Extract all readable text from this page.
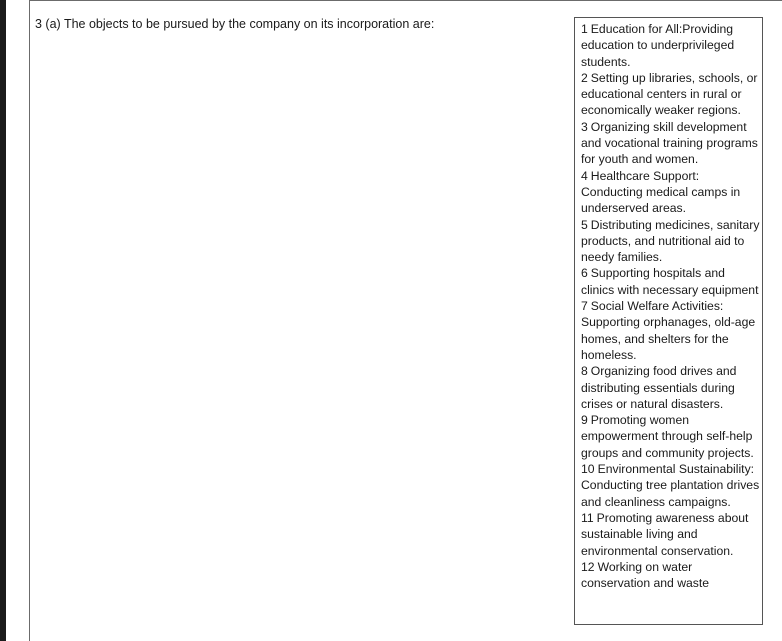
3 (a) The objects to be pursued by the company on its incorporation are:	1 Education for All:Providing education to underprivileged students.
2 Setting up libraries, schools, or educational centers in rural or economically weaker regions.
3 Organizing skill development and vocational training programs for youth and women.
4 Healthcare Support: Conducting medical camps in underserved areas.
5 Distributing medicines, sanitary products, and nutritional aid to needy families.
6 Supporting hospitals and clinics with necessary equipment
7 Social Welfare Activities: Supporting orphanages, old-age homes, and shelters for the homeless.
8 Organizing food drives and distributing essentials during crises or natural disasters.
9 Promoting women empowerment through self-help groups and community projects.
10 Environmental Sustainability: Conducting tree plantation drives and cleanliness campaigns.
11 Promoting awareness about sustainable living and environmental conservation.
12 Working on water conservation and waste
